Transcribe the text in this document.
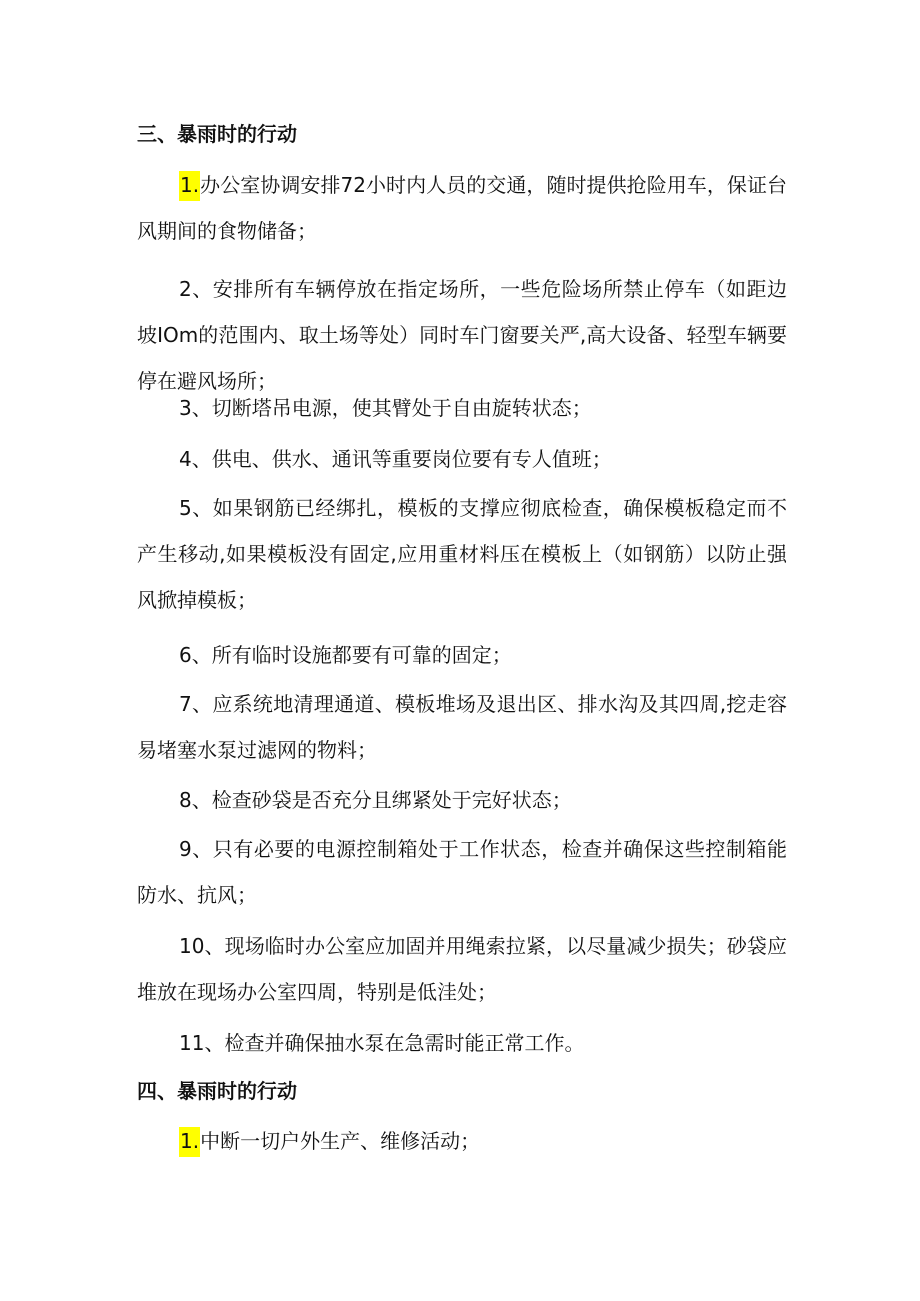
三、暴雨时的行动
1.办公室协调安排72小时内人员的交通，随时提供抢险用车，保证台风期间的食物储备；
2、安排所有车辆停放在指定场所，一些危险场所禁止停车（如距边坡IOm的范围内、取土场等处）同时车门窗要关严,高大设备、轻型车辆要停在避风场所；
3、切断塔吊电源，使其臂处于自由旋转状态；
4、供电、供水、通讯等重要岗位要有专人值班；
5、如果钢筋已经绑扎，模板的支撑应彻底检查，确保模板稳定而不产生移动,如果模板没有固定,应用重材料压在模板上（如钢筋）以防止强风掀掉模板；
6、所有临时设施都要有可靠的固定；
7、应系统地清理通道、模板堆场及退出区、排水沟及其四周,挖走容易堵塞水泵过滤网的物料；
8、检查砂袋是否充分且绑紧处于完好状态；
9、只有必要的电源控制箱处于工作状态，检查并确保这些控制箱能防水、抗风；
10、现场临时办公室应加固并用绳索拉紧，以尽量减少损失；砂袋应堆放在现场办公室四周，特别是低洼处；
11、检查并确保抽水泵在急需时能正常工作。
四、暴雨时的行动
1.中断一切户外生产、维修活动；
